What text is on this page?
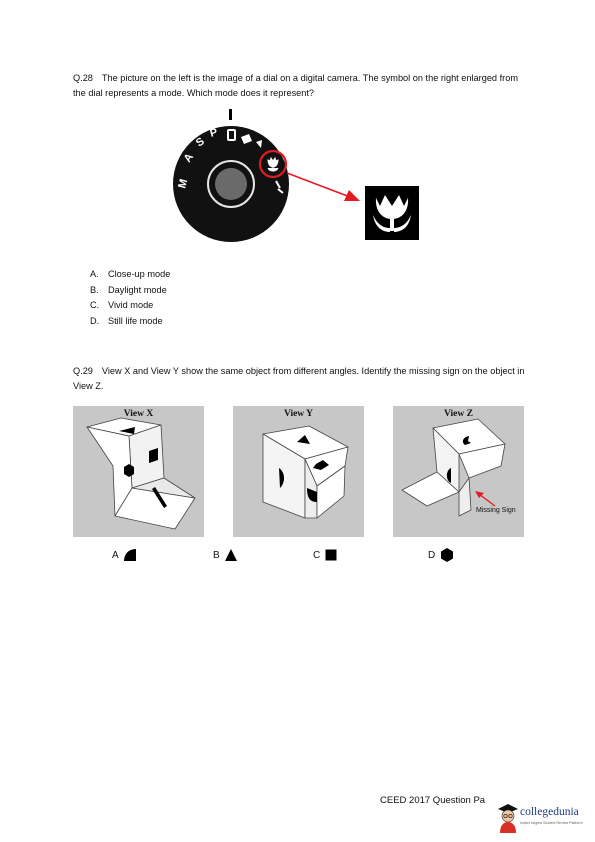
Q.28 The picture on the left is the image of a dial on a digital camera. The symbol on the right enlarged from the dial represents a mode. Which mode does it represent?

M
A
S
P
A. Close-up mode
B. Daylight mode
C. Vivid mode
D. Still life mode

Q.29 View X and View Y show the same object from different angles. Identify the missing sign on the object in View Z.

View X	View Y	View Z
Missing Sign
A	B	C	D
CEED 2017 Question Pa
collegedunia
India's largest Student Review Platform
